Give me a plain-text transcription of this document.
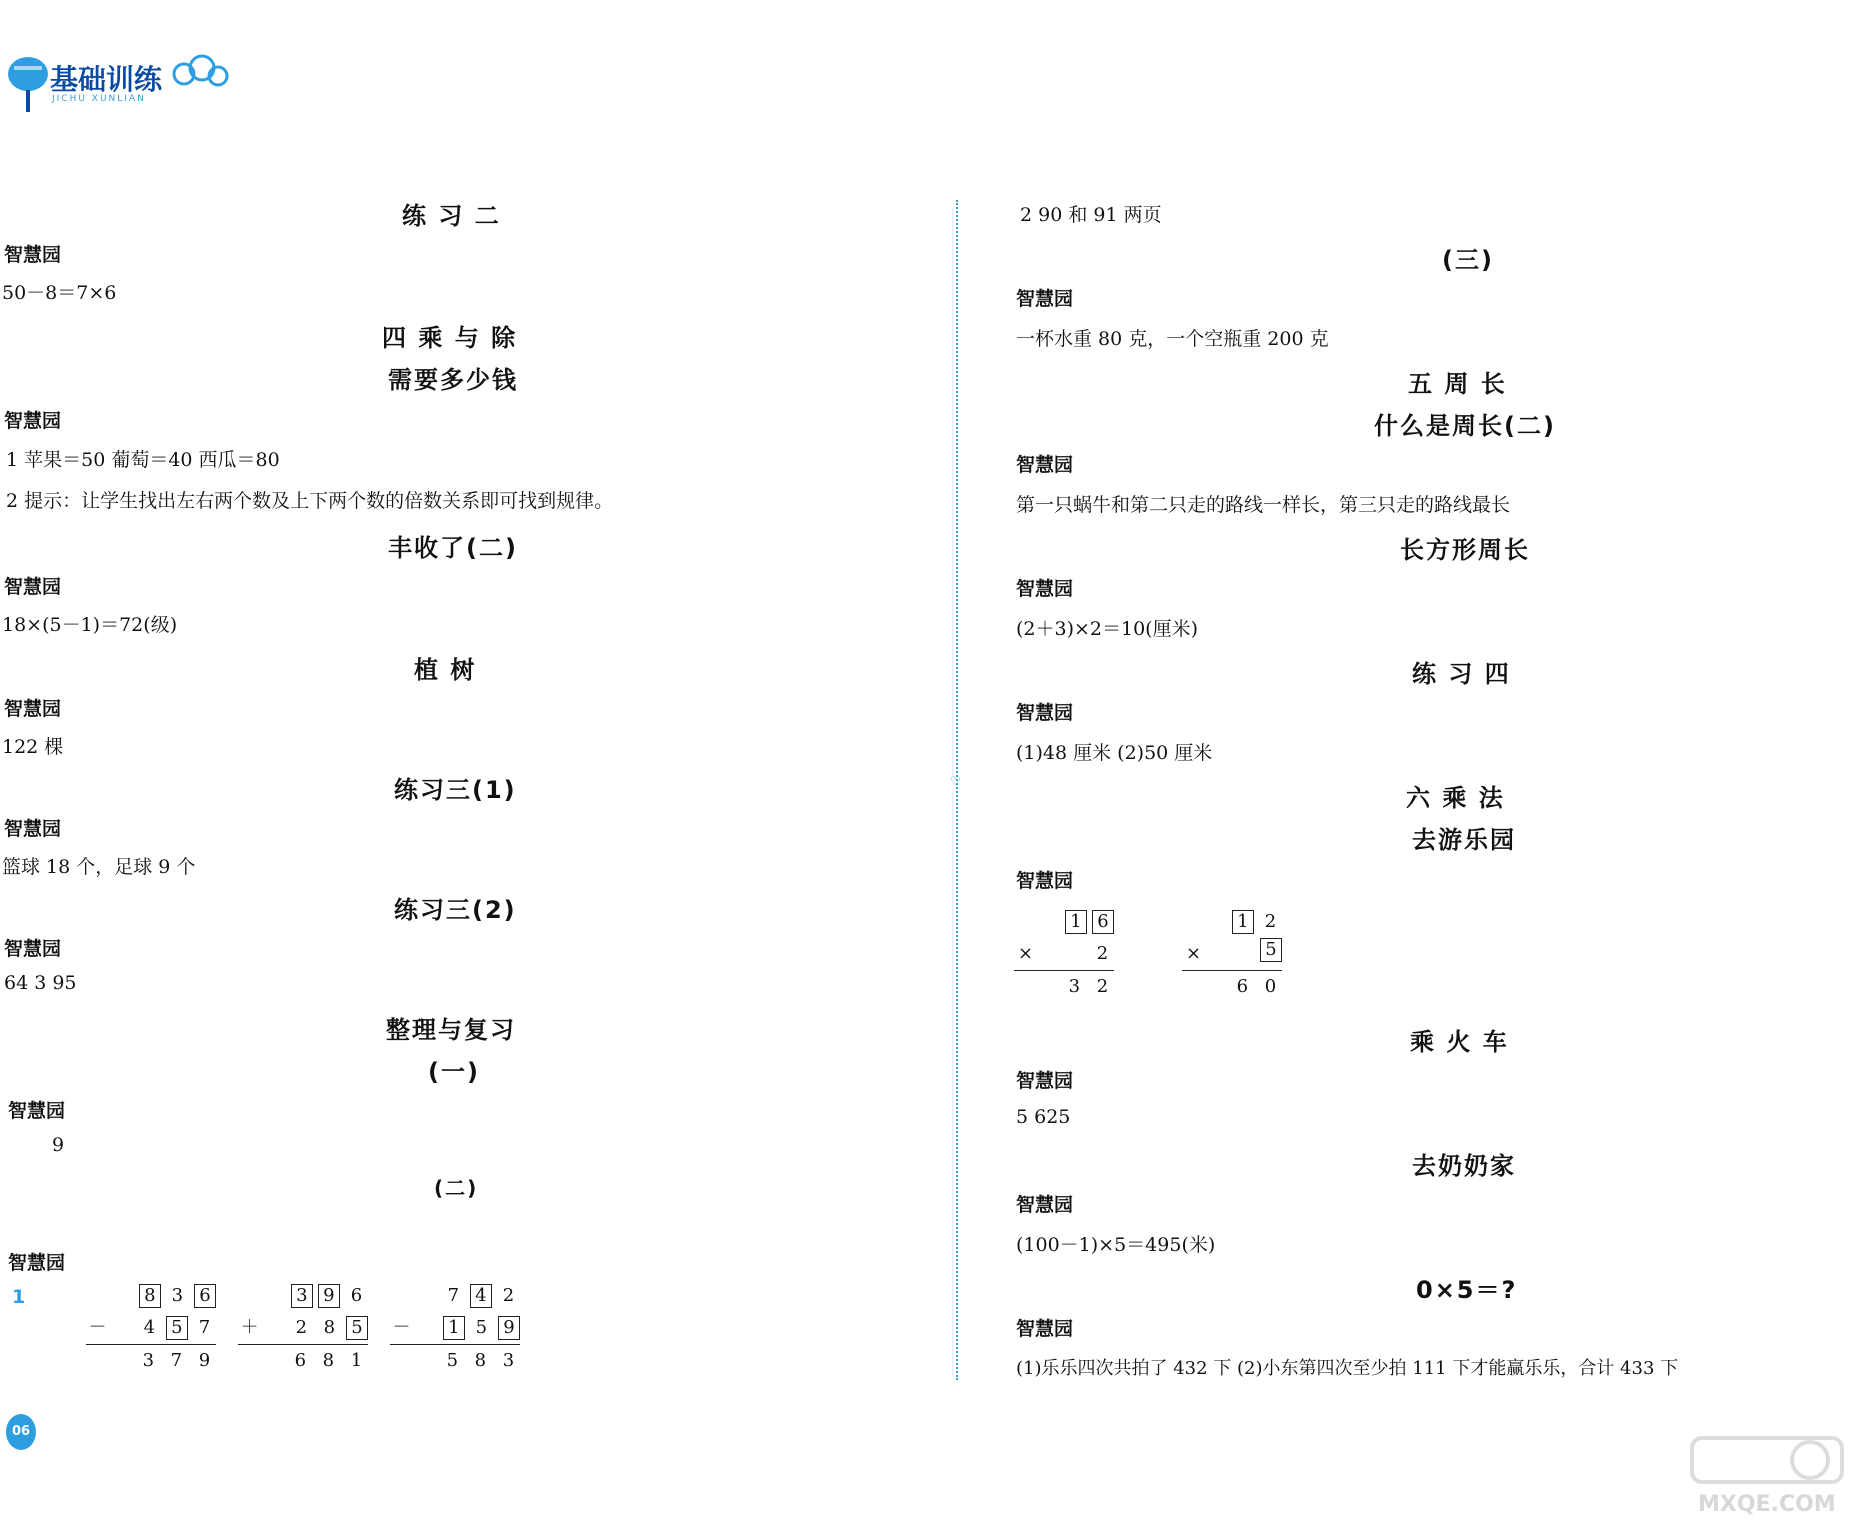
基础训练
JICHU XUNLIAN
♡
练 习 二
智慧园
50－8＝7×6
四 乘 与 除
需要多少钱
智慧园
1 苹果＝50 葡萄＝40 西瓜＝80
2 提示：让学生找出左右两个数及上下两个数的倍数关系即可找到规律。
丰收了(二)
智慧园
18×(5－1)＝72(级)
植 树
智慧园
122 棵
练习三(1)
智慧园
篮球 18 个，足球 9 个
练习三(2)
智慧园
64 3 95
整理与复习
(一)
智慧园
9
(二)
智慧园
1	8 3 6
－	4 5 7
3 7 9
3 9 6
＋	2 8 5
6 8 1
7 4 2
－ 1 5 9
5 8 3
2 90 和 91 两页
(三)
智慧园
一杯水重 80 克，一个空瓶重 200 克
五 周 长
什么是周长(二)
智慧园
第一只蜗牛和第二只走的路线一样长，第三只走的路线最长
长方形周长
智慧园
(2＋3)×2＝10(厘米)
练 习 四
智慧园
(1)48 厘米 (2)50 厘米
六 乘 法
去游乐园
智慧园
1 6
×	2
3 2
1 2
×	5
6 0
乘 火 车
智慧园
5 625
去奶奶家
智慧园
(100－1)×5＝495(米)
0×5＝?
智慧园
(1)乐乐四次共拍了 432 下 (2)小东第四次至少拍 111 下才能赢乐乐，合计 433 下
06
MXQE.COM
